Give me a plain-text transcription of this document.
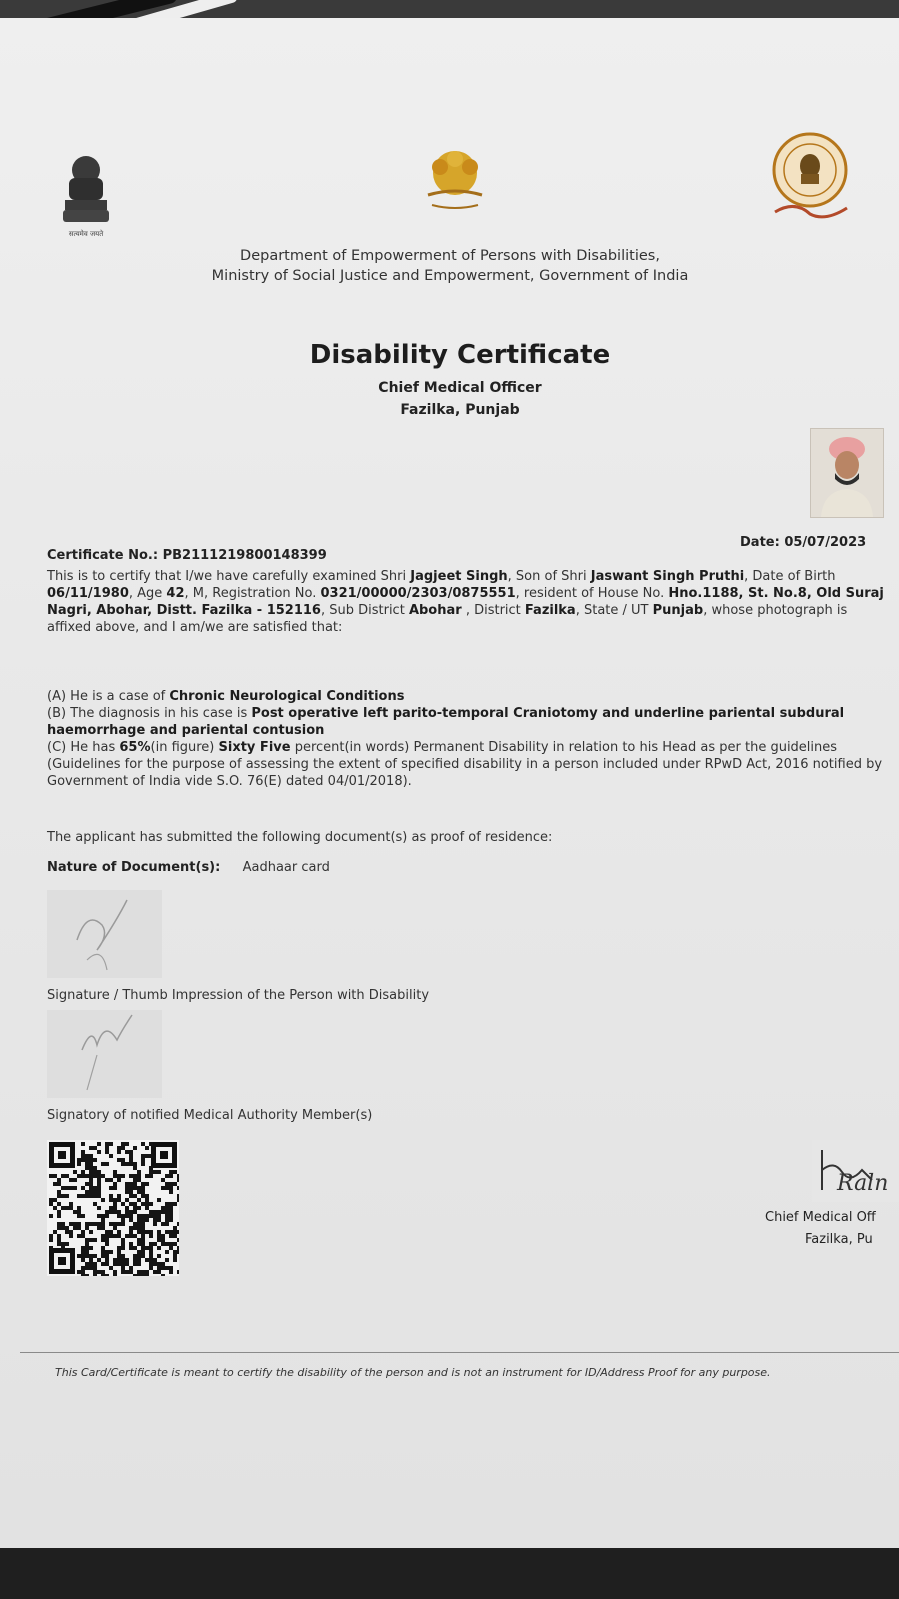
सत्यमेव जयते
Department of Empowerment of Persons with Disabilities,
Ministry of Social Justice and Empowerment, Government of India
Disability Certificate
Chief Medical Officer
Fazilka, Punjab
Certificate No.: PB2111219800148399
Date: 05/07/2023
This is to certify that I/we have carefully examined Shri Jagjeet Singh, Son of Shri Jaswant Singh Pruthi, Date of Birth 06/11/1980, Age 42, M, Registration No. 0321/00000/2303/0875551, resident of House No. Hno.1188, St. No.8, Old Suraj Nagri, Abohar, Distt. Fazilka - 152116, Sub District Abohar , District Fazilka, State / UT Punjab, whose photograph is affixed above, and I am/we are satisfied that:
(A) He is a case of Chronic Neurological Conditions
(B) The diagnosis in his case is Post operative left parito-temporal Craniotomy and underline pariental subdural haemorrhage and pariental contusion
(C) He has 65%(in figure) Sixty Five percent(in words) Permanent Disability in relation to his Head as per the guidelines (Guidelines for the purpose of assessing the extent of specified disability in a person included under RPwD Act, 2016 notified by Government of India vide S.O. 76(E) dated 04/01/2018).
The applicant has submitted the following document(s) as proof of residence:
Nature of Document(s): Aadhaar card
Signature / Thumb Impression of the Person with Disability
Signatory of notified Medical Authority Member(s)
Raln
Chief Medical Off
Fazilka, Pu
This Card/Certificate is meant to certify the disability of the person and is not an instrument for ID/Address Proof for any purpose.
